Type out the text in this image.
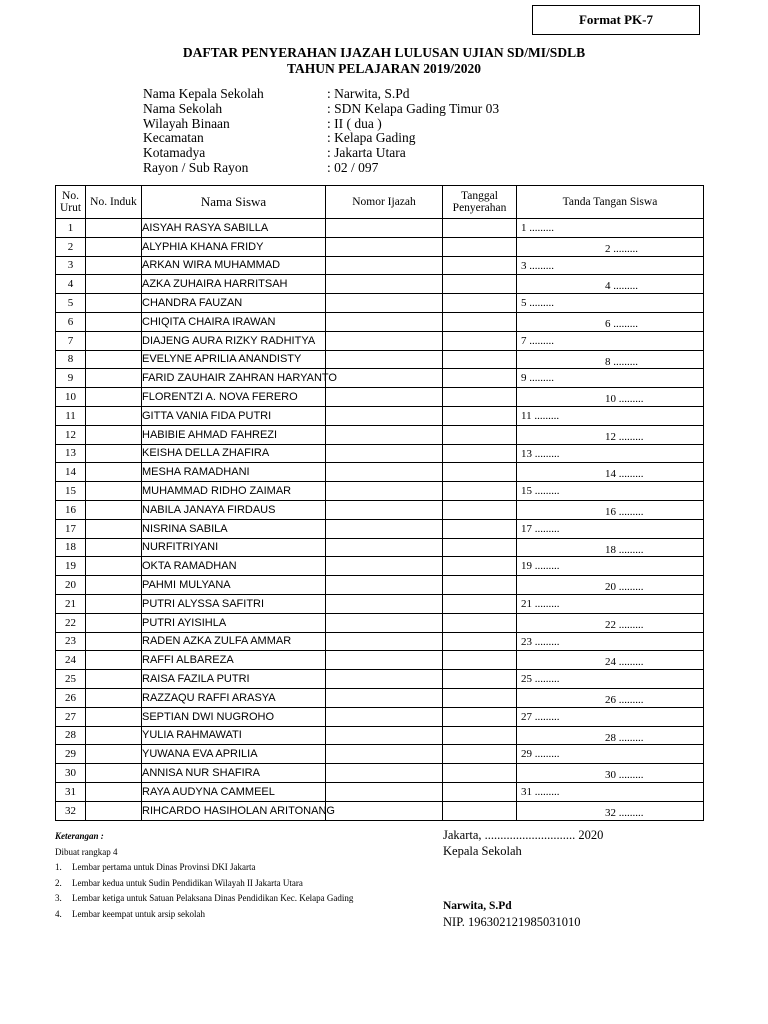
Format PK-7
DAFTAR PENYERAHAN IJAZAH LULUSAN UJIAN SD/MI/SDLB
TAHUN PELAJARAN 2019/2020
Nama Kepala Sekolah	: Narwita, S.Pd
Nama Sekolah	: SDN Kelapa Gading Timur 03
Wilayah Binaan	: II ( dua )
Kecamatan	: Kelapa Gading
Kotamadya	: Jakarta Utara
Rayon / Sub Rayon	: 02 / 097
No.
Urut	No. Induk	Nama Siswa	Nomor Ijazah	Tanggal
Penyerahan	Tanda Tangan Siswa
1		AISYAH RASYA SABILLA			1 .........

2		ALYPHIA KHANA FRIDY			2 .........

3		ARKAN WIRA MUHAMMAD			3 .........

4		AZKA ZUHAIRA HARRITSAH			4 .........

5		CHANDRA FAUZAN			5 .........

6		CHIQITA CHAIRA IRAWAN			6 .........

7		DIAJENG AURA RIZKY RADHITYA			7 .........

8		EVELYNE APRILIA ANANDISTY			8 .........

9		FARID ZAUHAIR ZAHRAN HARYANTO			9 .........

10		FLORENTZI A. NOVA FERERO			10 .........

11		GITTA VANIA FIDA PUTRI			11 .........

12		HABIBIE AHMAD FAHREZI			12 .........

13		KEISHA DELLA ZHAFIRA			13 .........

14		MESHA RAMADHANI			14 .........

15		MUHAMMAD RIDHO ZAIMAR			15 .........

16		NABILA JANAYA FIRDAUS			16 .........

17		NISRINA SABILA			17 .........

18		NURFITRIYANI			18 .........

19		OKTA RAMADHAN			19 .........

20		PAHMI MULYANA			20 .........

21		PUTRI ALYSSA SAFITRI			21 .........

22		PUTRI AYISIHLA			22 .........

23		RADEN AZKA ZULFA AMMAR			23 .........

24		RAFFI ALBAREZA			24 .........

25		RAISA FAZILA PUTRI			25 .........

26		RAZZAQU RAFFI ARASYA			26 .........

27		SEPTIAN DWI NUGROHO			27 .........

28		YULIA RAHMAWATI			28 .........

29		YUWANA EVA APRILIA			29 .........

30		ANNISA NUR SHAFIRA			30 .........

31		RAYA AUDYNA CAMMEEL			31 .........

32		RIHCARDO HASIHOLAN ARITONANG			32 .........
Keterangan :
Dibuat rangkap 4
1.	Lembar pertama untuk Dinas Provinsi DKI Jakarta
2.	Lembar kedua untuk Sudin Pendidikan Wilayah II Jakarta Utara
3.	Lembar ketiga untuk Satuan Pelaksana Dinas Pendidikan Kec. Kelapa Gading
4.	Lembar keempat untuk arsip sekolah
Jakarta, ............................. 2020
Kepala Sekolah
Narwita, S.Pd
NIP. 196302121985031010
